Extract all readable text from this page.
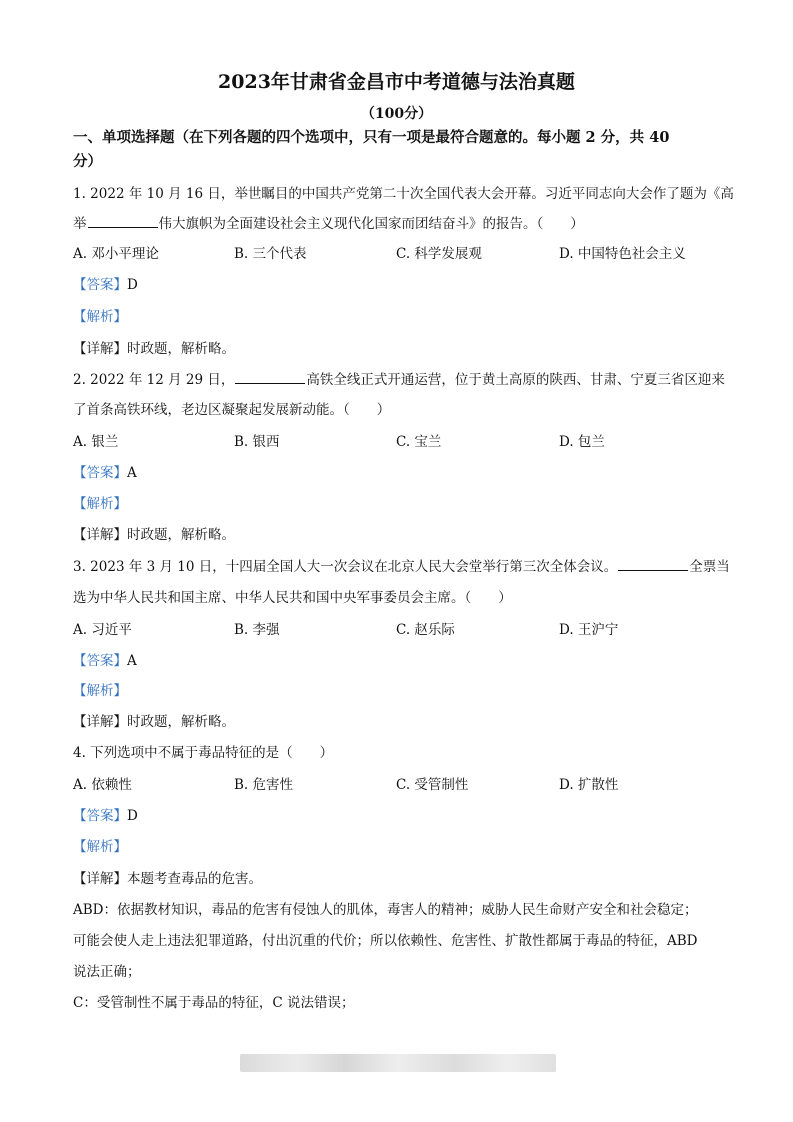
2023年甘肃省金昌市中考道德与法治真题
（100分）
一、单项选择题（在下列各题的四个选项中，只有一项是最符合题意的。每小题 2 分，共 40
分）
1. 2022 年 10 月 16 日，举世瞩目的中国共产党第二十次全国代表大会开幕。习近平同志向大会作了题为《高
举	伟大旗帜为全面建设社会主义现代化国家而团结奋斗》的报告。（　　）
A. 邓小平理论	B. 三个代表	C. 科学发展观	D. 中国特色社会主义
【答案】D
【解析】
【详解】时政题，解析略。
2. 2022 年 12 月 29 日，	高铁全线正式开通运营，位于黄土高原的陕西、甘肃、宁夏三省区迎来
了首条高铁环线，老边区凝聚起发展新动能。（　　）
A. 银兰	B. 银西	C. 宝兰	D. 包兰
【答案】A
【解析】
【详解】时政题，解析略。
3. 2023 年 3 月 10 日，十四届全国人大一次会议在北京人民大会堂举行第三次全体会议。	全票当
选为中华人民共和国主席、中华人民共和国中央军事委员会主席。（　　）
A. 习近平	B. 李强	C. 赵乐际	D. 王沪宁
【答案】A
【解析】
【详解】时政题，解析略。
4. 下列选项中不属于毒品特征的是（　　）
A. 依赖性	B. 危害性	C. 受管制性	D. 扩散性
【答案】D
【解析】
【详解】本题考查毒品的危害。
ABD：依据教材知识，毒品的危害有侵蚀人的肌体，毒害人的精神；威胁人民生命财产安全和社会稳定；
可能会使人走上违法犯罪道路，付出沉重的代价；所以依赖性、危害性、扩散性都属于毒品的特征，ABD
说法正确；
C：受管制性不属于毒品的特征，C 说法错误；
